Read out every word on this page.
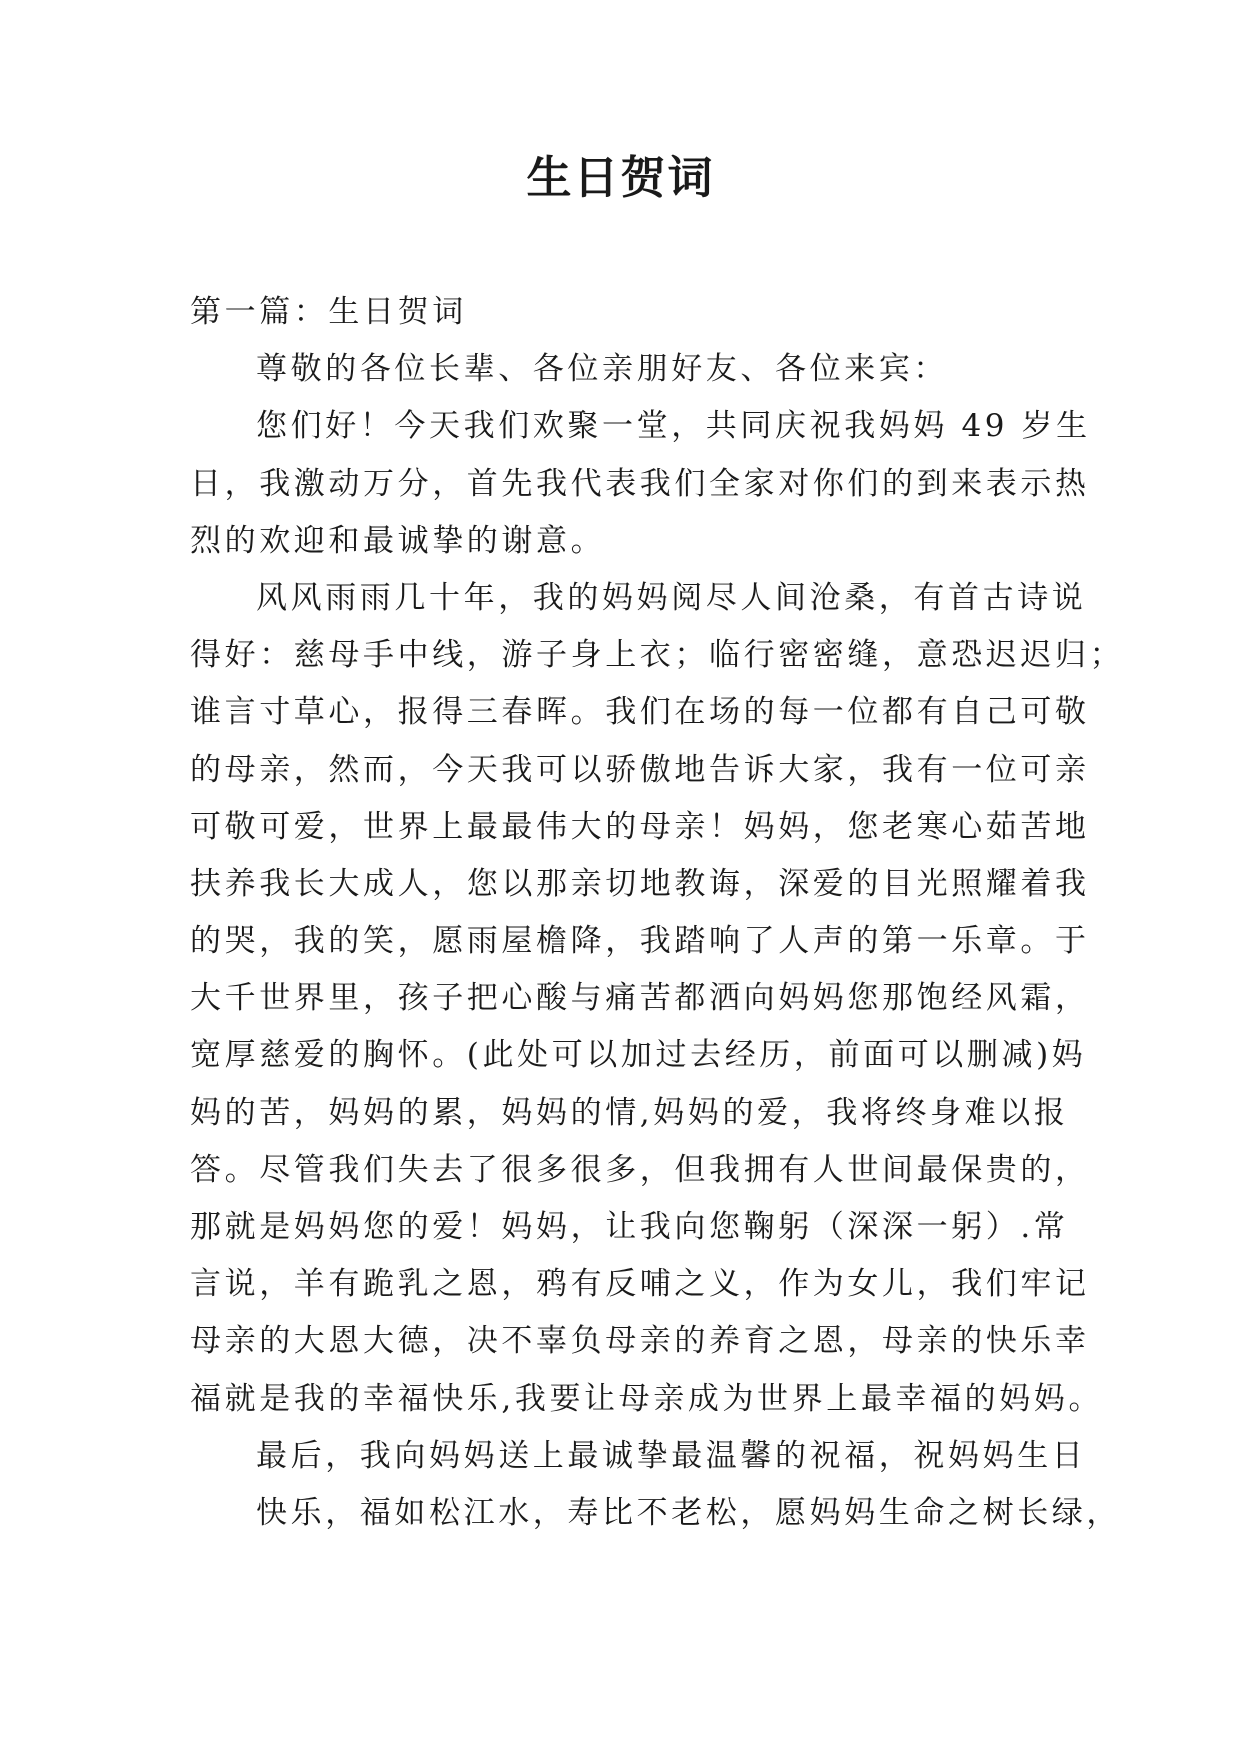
生日贺词
第一篇：生日贺词
尊敬的各位长辈、各位亲朋好友、各位来宾：
您们好！今天我们欢聚一堂，共同庆祝我妈妈 49 岁生
日，我激动万分，首先我代表我们全家对你们的到来表示热
烈的欢迎和最诚挚的谢意。
风风雨雨几十年，我的妈妈阅尽人间沧桑，有首古诗说
得好：慈母手中线，游子身上衣；临行密密缝，意恐迟迟归；
谁言寸草心，报得三春晖。我们在场的每一位都有自己可敬
的母亲，然而，今天我可以骄傲地告诉大家，我有一位可亲
可敬可爱，世界上最最伟大的母亲！妈妈，您老寒心茹苦地
扶养我长大成人，您以那亲切地教诲，深爱的目光照耀着我
的哭，我的笑，愿雨屋檐降，我踏响了人声的第一乐章。于
大千世界里，孩子把心酸与痛苦都洒向妈妈您那饱经风霜，
宽厚慈爱的胸怀。(此处可以加过去经历，前面可以删减)妈
妈的苦，妈妈的累，妈妈的情,妈妈的爱，我将终身难以报
答。尽管我们失去了很多很多，但我拥有人世间最保贵的，
那就是妈妈您的爱！妈妈，让我向您鞠躬（深深一躬）.常
言说，羊有跪乳之恩，鸦有反哺之义，作为女儿，我们牢记
母亲的大恩大德，决不辜负母亲的养育之恩，母亲的快乐幸
福就是我的幸福快乐,我要让母亲成为世界上最幸福的妈妈。
最后，我向妈妈送上最诚挚最温馨的祝福，祝妈妈生日
快乐，福如松江水，寿比不老松，愿妈妈生命之树长绿，
